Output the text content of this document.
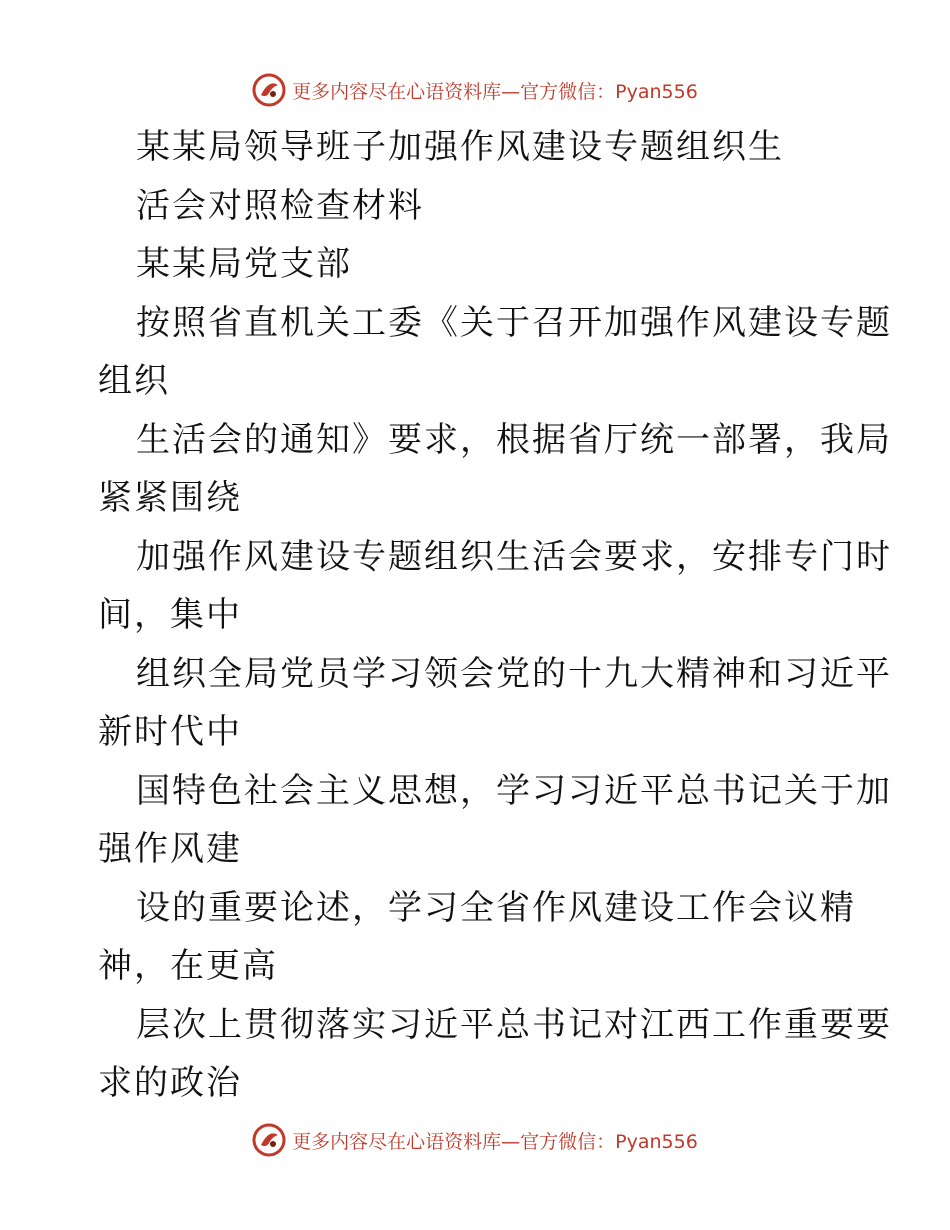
更多内容尽在心语资料库—官方微信：Pyan556
某某局领导班子加强作风建设专题组织生
活会对照检查材料
某某局党支部
按照省直机关工委《关于召开加强作风建设专题
组织
生活会的通知》要求，根据省厅统一部署，我局
紧紧围绕
加强作风建设专题组织生活会要求，安排专门时
间，集中
组织全局党员学习领会党的十九大精神和习近平
新时代中
国特色社会主义思想，学习习近平总书记关于加
强作风建
设的重要论述，学习全省作风建设工作会议精
神，在更高
层次上贯彻落实习近平总书记对江西工作重要要
求的政治
更多内容尽在心语资料库—官方微信：Pyan556
